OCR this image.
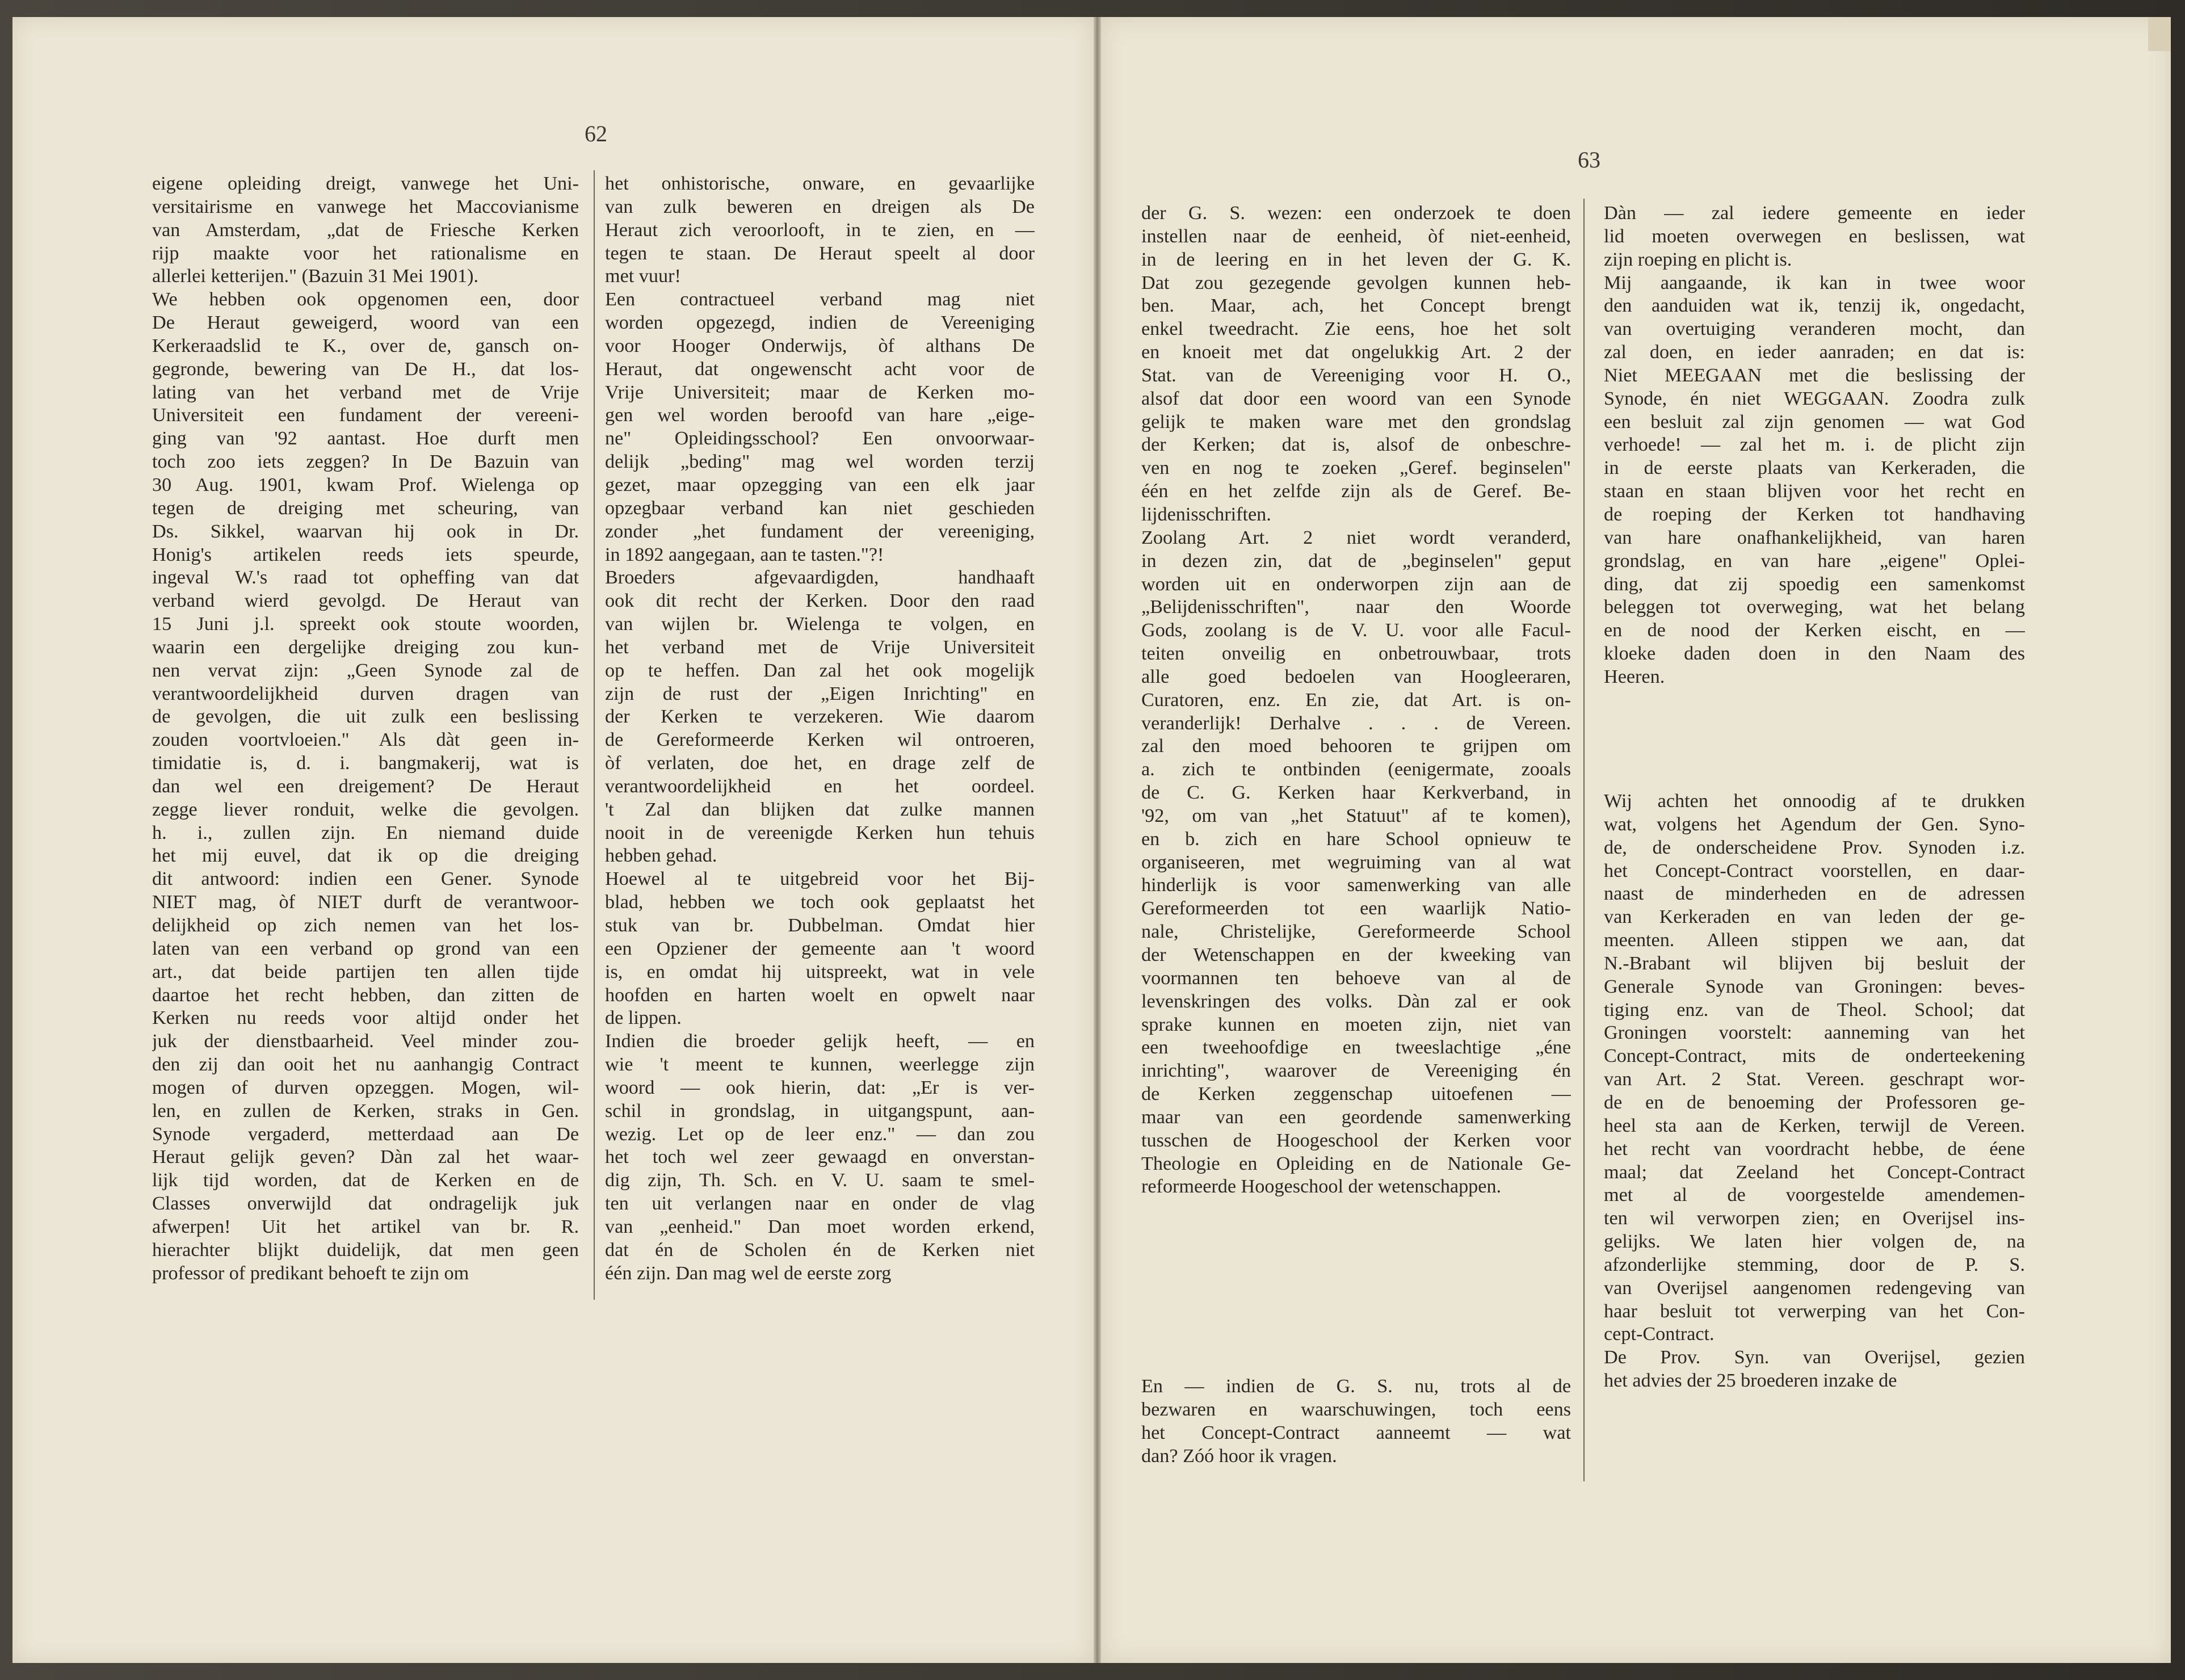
62
eigene opleiding dreigt, vanwege het Uni-
versitairisme en vanwege het Maccovianisme
van Amsterdam, „dat de Friesche Kerken
rijp maakte voor het rationalisme en
allerlei ketterijen." (Bazuin 31 Mei 1901).
We hebben ook opgenomen een, door
De Heraut geweigerd, woord van een
Kerkeraadslid te K., over de, gansch on-
gegronde, bewering van De H., dat los-
lating van het verband met de Vrije
Universiteit een fundament der vereeni-
ging van '92 aantast. Hoe durft men
toch zoo iets zeggen? In De Bazuin van
30 Aug. 1901, kwam Prof. Wielenga op
tegen de dreiging met scheuring, van
Ds. Sikkel, waarvan hij ook in Dr.
Honig's artikelen reeds iets speurde,
ingeval W.'s raad tot opheffing van dat
verband wierd gevolgd. De Heraut van
15 Juni j.l. spreekt ook stoute woorden,
waarin een dergelijke dreiging zou kun-
nen vervat zijn: „Geen Synode zal de
verantwoordelijkheid durven dragen van
de gevolgen, die uit zulk een beslissing
zouden voortvloeien." Als dàt geen in-
timidatie is, d. i. bangmakerij, wat is
dan wel een dreigement? De Heraut
zegge liever ronduit, welke die gevolgen.
h. i., zullen zijn. En niemand duide
het mij euvel, dat ik op die dreiging
dit antwoord: indien een Gener. Synode
NIET mag, òf NIET durft de verantwoor-
delijkheid op zich nemen van het los-
laten van een verband op grond van een
art., dat beide partijen ten allen tijde
daartoe het recht hebben, dan zitten de
Kerken nu reeds voor altijd onder het
juk der dienstbaarheid. Veel minder zou-
den zij dan ooit het nu aanhangig Contract
mogen of durven opzeggen. Mogen, wil-
len, en zullen de Kerken, straks in Gen.
Synode vergaderd, metterdaad aan De
Heraut gelijk geven? Dàn zal het waar-
lijk tijd worden, dat de Kerken en de
Classes onverwijld dat ondragelijk juk
afwerpen! Uit het artikel van br. R.
hierachter blijkt duidelijk, dat men geen
professor of predikant behoeft te zijn om
het onhistorische, onware, en gevaarlijke
van zulk beweren en dreigen als De
Heraut zich veroorlooft, in te zien, en —
tegen te staan. De Heraut speelt al door
met vuur!
Een contractueel verband mag niet
worden opgezegd, indien de Vereeniging
voor Hooger Onderwijs, òf althans De
Heraut, dat ongewenscht acht voor de
Vrije Universiteit; maar de Kerken mo-
gen wel worden beroofd van hare „eige-
ne" Opleidingsschool? Een onvoorwaar-
delijk „beding" mag wel worden terzij
gezet, maar opzegging van een elk jaar
opzegbaar verband kan niet geschieden
zonder „het fundament der vereeniging,
in 1892 aangegaan, aan te tasten."?!
Broeders afgevaardigden, handhaaft
ook dit recht der Kerken. Door den raad
van wijlen br. Wielenga te volgen, en
het verband met de Vrije Universiteit
op te heffen. Dan zal het ook mogelijk
zijn de rust der „Eigen Inrichting" en
der Kerken te verzekeren. Wie daarom
de Gereformeerde Kerken wil ontroeren,
òf verlaten, doe het, en drage zelf de
verantwoordelijkheid en het oordeel.
't Zal dan blijken dat zulke mannen
nooit in de vereenigde Kerken hun tehuis
hebben gehad.
Hoewel al te uitgebreid voor het Bij-
blad, hebben we toch ook geplaatst het
stuk van br. Dubbelman. Omdat hier
een Opziener der gemeente aan 't woord
is, en omdat hij uitspreekt, wat in vele
hoofden en harten woelt en opwelt naar
de lippen.
Indien die broeder gelijk heeft, — en
wie 't meent te kunnen, weerlegge zijn
woord — ook hierin, dat: „Er is ver-
schil in grondslag, in uitgangspunt, aan-
wezig. Let op de leer enz." — dan zou
het toch wel zeer gewaagd en onverstan-
dig zijn, Th. Sch. en V. U. saam te smel-
ten uit verlangen naar en onder de vlag
van „eenheid." Dan moet worden erkend,
dat én de Scholen én de Kerken niet
één zijn. Dan mag wel de eerste zorg
63
der G. S. wezen: een onderzoek te doen
instellen naar de eenheid, òf niet-eenheid,
in de leering en in het leven der G. K.
Dat zou gezegende gevolgen kunnen heb-
ben. Maar, ach, het Concept brengt
enkel tweedracht. Zie eens, hoe het solt
en knoeit met dat ongelukkig Art. 2 der
Stat. van de Vereeniging voor H. O.,
alsof dat door een woord van een Synode
gelijk te maken ware met den grondslag
der Kerken; dat is, alsof de onbeschre-
ven en nog te zoeken „Geref. beginselen"
één en het zelfde zijn als de Geref. Be-
lijdenisschriften.
Zoolang Art. 2 niet wordt veranderd,
in dezen zin, dat de „beginselen" geput
worden uit en onderworpen zijn aan de
„Belijdenisschriften", naar den Woorde
Gods, zoolang is de V. U. voor alle Facul-
teiten onveilig en onbetrouwbaar, trots
alle goed bedoelen van Hoogleeraren,
Curatoren, enz. En zie, dat Art. is on-
veranderlijk! Derhalve . . . de Vereen.
zal den moed behooren te grijpen om
a. zich te ontbinden (eenigermate, zooals
de C. G. Kerken haar Kerkverband, in
'92, om van „het Statuut" af te komen),
en b. zich en hare School opnieuw te
organiseeren, met wegruiming van al wat
hinderlijk is voor samenwerking van alle
Gereformeerden tot een waarlijk Natio-
nale, Christelijke, Gereformeerde School
der Wetenschappen en der kweeking van
voormannen ten behoeve van al de
levenskringen des volks. Dàn zal er ook
sprake kunnen en moeten zijn, niet van
een tweehoofdige en tweeslachtige „éne
inrichting", waarover de Vereeniging én
de Kerken zeggenschap uitoefenen —
maar van een geordende samenwerking
tusschen de Hoogeschool der Kerken voor
Theologie en Opleiding en de Nationale Ge-
reformeerde Hoogeschool der wetenschappen.
En — indien de G. S. nu, trots al de
bezwaren en waarschuwingen, toch eens
het Concept-Contract aanneemt — wat
dan? Zóó hoor ik vragen.
Dàn — zal iedere gemeente en ieder
lid moeten overwegen en beslissen, wat
zijn roeping en plicht is.
Mij aangaande, ik kan in twee woor
den aanduiden wat ik, tenzij ik, ongedacht,
van overtuiging veranderen mocht, dan
zal doen, en ieder aanraden; en dat is:
Niet MEEGAAN met die beslissing der
Synode, én niet WEGGAAN. Zoodra zulk
een besluit zal zijn genomen — wat God
verhoede! — zal het m. i. de plicht zijn
in de eerste plaats van Kerkeraden, die
staan en staan blijven voor het recht en
de roeping der Kerken tot handhaving
van hare onafhankelijkheid, van haren
grondslag, en van hare „eigene" Oplei-
ding, dat zij spoedig een samenkomst
beleggen tot overweging, wat het belang
en de nood der Kerken eischt, en —
kloeke daden doen in den Naam des
Heeren.
Wij achten het onnoodig af te drukken
wat, volgens het Agendum der Gen. Syno-
de, de onderscheidene Prov. Synoden i.z.
het Concept-Contract voorstellen, en daar-
naast de minderheden en de adressen
van Kerkeraden en van leden der ge-
meenten. Alleen stippen we aan, dat
N.-Brabant wil blijven bij besluit der
Generale Synode van Groningen: beves-
tiging enz. van de Theol. School; dat
Groningen voorstelt: aanneming van het
Concept-Contract, mits de onderteekening
van Art. 2 Stat. Vereen. geschrapt wor-
de en de benoeming der Professoren ge-
heel sta aan de Kerken, terwijl de Vereen.
het recht van voordracht hebbe, de éene
maal; dat Zeeland het Concept-Contract
met al de voorgestelde amendemen-
ten wil verworpen zien; en Overijsel ins-
gelijks. We laten hier volgen de, na
afzonderlijke stemming, door de P. S.
van Overijsel aangenomen redengeving van
haar besluit tot verwerping van het Con-
cept-Contract.
De Prov. Syn. van Overijsel, gezien
het advies der 25 broederen inzake de
